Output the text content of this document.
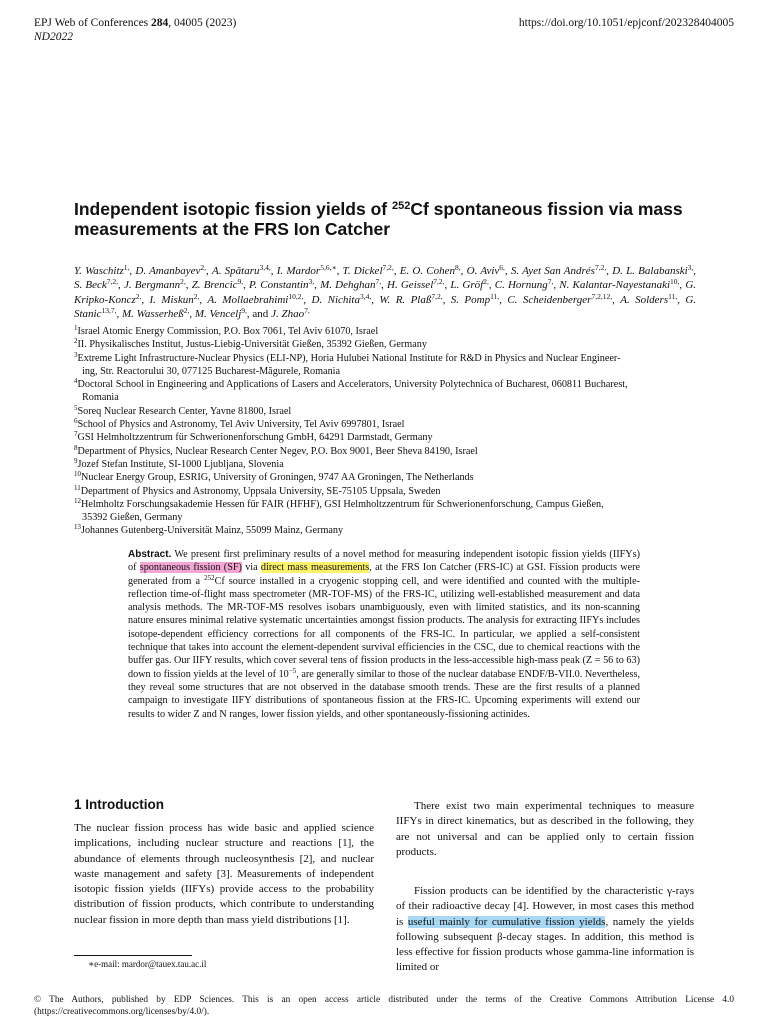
EPJ Web of Conferences 284, 04005 (2023)
ND2022
https://doi.org/10.1051/epjconf/202328404005
Independent isotopic fission yields of $^{252}$Cf spontaneous fission via mass measurements at the FRS Ion Catcher
Y. Waschitz$^{1,}$, D. Amanbayev$^{2,}$, A. Spătaru$^{3,4,}$, I. Mardor$^{5,6,∗}$, T. Dickel$^{7,2,}$, E. O. Cohen$^{8,}$, O. Aviv$^{6,}$, S. Ayet San Andrés$^{7,2,}$, D. L. Balabanski$^{3,}$, S. Beck$^{7,2,}$, J. Bergmann$^{2,}$, Z. Brencic$^{9,}$, P. Constantin$^{3,}$, M. Dehghan$^{7,}$, H. Geissel$^{7,2,}$, L. Gröf$^{2,}$, C. Hornung$^{7,}$, N. Kalantar-Nayestanaki$^{10,}$, G. Kripko-Koncz$^{2,}$, I. Miskun$^{2,}$, A. Mollaebrahimi$^{10,2,}$, D. Nichita$^{3,4,}$, W. R. Plaß$^{7,2,}$, S. Pomp$^{11,}$, C. Scheidenberger$^{7,2,12,}$, A. Solders$^{11,}$, G. Stanic$^{13,7,}$, M. Wasserheß$^{2,}$, M. Vencelj$^{9,}$, and J. Zhao$^{7,}$
$^1$Israel Atomic Energy Commission, P.O. Box 7061, Tel Aviv 61070, Israel
$^2$II. Physikalisches Institut, Justus-Liebig-Universität Gießen, 35392 Gießen, Germany
$^3$Extreme Light Infrastructure-Nuclear Physics (ELI-NP), Horia Hulubei National Institute for R&D in Physics and Nuclear Engineer-
ing, Str. Reactorului 30, 077125 Bucharest-Măgurele, Romania
$^4$Doctoral School in Engineering and Applications of Lasers and Accelerators, University Polytechnica of Bucharest, 060811 Bucharest,
Romania
$^5$Soreq Nuclear Research Center, Yavne 81800, Israel
$^6$School of Physics and Astronomy, Tel Aviv University, Tel Aviv 6997801, Israel
$^7$GSI Helmholtzzentrum für Schwerionenforschung GmbH, 64291 Darmstadt, Germany
$^8$Department of Physics, Nuclear Research Center Negev, P.O. Box 9001, Beer Sheva 84190, Israel
$^9$Jozef Stefan Institute, SI-1000 Ljubljana, Slovenia
$^{10}$Nuclear Energy Group, ESRIG, University of Groningen, 9747 AA Groningen, The Netherlands
$^{11}$Department of Physics and Astronomy, Uppsala University, SE-75105 Uppsala, Sweden
$^{12}$Helmholtz Forschungsakademie Hessen für FAIR (HFHF), GSI Helmholtzzentrum für Schwerionenforschung, Campus Gießen,
35392 Gießen, Germany
$^{13}$Johannes Gutenberg-Universität Mainz, 55099 Mainz, Germany
Abstract. We present first preliminary results of a novel method for measuring independent isotopic fission yields (IIFYs) of spontaneous fission (SF) via direct mass measurements, at the FRS Ion Catcher (FRS-IC) at GSI. Fission products were generated from a $^{252}$Cf source installed in a cryogenic stopping cell, and were identified and counted with the multiple-reflection time-of-flight mass spectrometer (MR-TOF-MS) of the FRS-IC, utilizing well-established measurement and data analysis methods. The MR-TOF-MS resolves isobars unambiguously, even with limited statistics, and its non-scanning nature ensures minimal relative systematic uncertainties amongst fission products. The analysis for extracting IIFYs includes isotope-dependent efficiency corrections for all components of the FRS-IC. In particular, we applied a self-consistent technique that takes into account the element-dependent survival efficiencies in the CSC, due to chemical reactions with the buffer gas. Our IIFY results, which cover several tens of fission products in the less-accessible high-mass peak (Z = 56 to 63) down to fission yields at the level of $10^{-5}$, are generally similar to those of the nuclear database ENDF/B-VII.0. Nevertheless, they reveal some structures that are not observed in the database smooth trends. These are the first results of a planned campaign to investigate IIFY distributions of spontaneous fission at the FRS-IC. Upcoming experiments will extend our results to wider Z and N ranges, lower fission yields, and other spontaneously-fissioning actinides.
1 Introduction
The nuclear fission process has wide basic and applied science implications, including nuclear structure and reactions [1], the abundance of elements through nucleosynthesis [2], and nuclear waste management and safety [3]. Measurements of independent isotopic fission yields (IIFYs) provide access to the probability distribution of fission products, which contribute to understanding nuclear fission in more depth than mass yield distributions [1].
There exist two main experimental techniques to measure IIFYs in direct kinematics, but as described in the following, they are not universal and can be applied only to certain fission products.
Fission products can be identified by the characteristic γ-rays of their radioactive decay [4]. However, in most cases this method is useful mainly for cumulative fission yields, namely the yields following subsequent β-decay stages. In addition, this method is less effective for fission products whose gamma-line information is limited or
∗e-mail: mardor@tauex.tau.ac.il
© The Authors, published by EDP Sciences. This is an open access article distributed under the terms of the Creative Commons Attribution License 4.0 (https://creativecommons.org/licenses/by/4.0/).
